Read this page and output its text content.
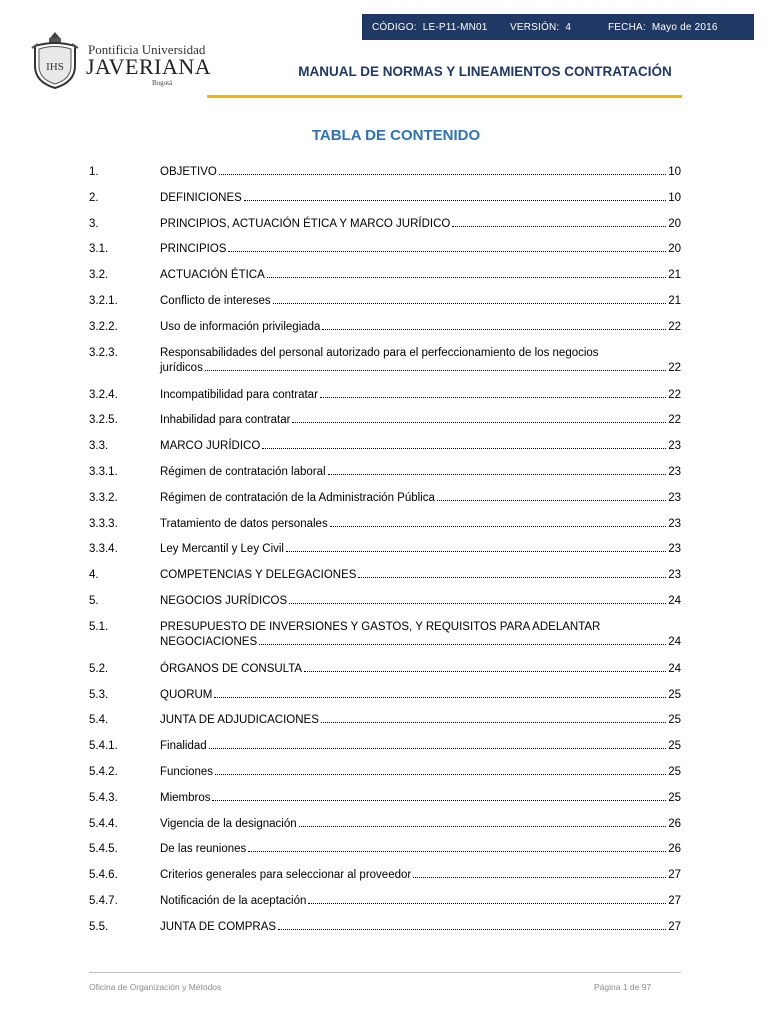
CÓDIGO: LE-P11-MN01 VERSIÓN: 4	FECHA: Mayo de 2016
IHS
Pontificia Universidad
JAVERIANA
Bogotá
MANUAL DE NORMAS Y LINEAMIENTOS CONTRATACIÓN
TABLA DE CONTENIDO
1.	OBJETIVO	10
2.	DEFINICIONES	10
3.	PRINCIPIOS, ACTUACIÓN ÉTICA Y MARCO JURÍDICO	20
3.1.	PRINCIPIOS	20
3.2.	ACTUACIÓN ÉTICA	21
3.2.1.	Conflicto de intereses	21
3.2.2.	Uso de información privilegiada	22
3.2.3.	Responsabilidades del personal autorizado para el perfeccionamiento de los negocios
jurídicos	22
3.2.4.	Incompatibilidad para contratar	22
3.2.5.	Inhabilidad para contratar	22
3.3.	MARCO JURÍDICO	23
3.3.1.	Régimen de contratación laboral	23
3.3.2.	Régimen de contratación de la Administración Pública	23
3.3.3.	Tratamiento de datos personales	23
3.3.4.	Ley Mercantil y Ley Civil	23
4.	COMPETENCIAS Y DELEGACIONES	23
5.	NEGOCIOS JURÍDICOS	24
5.1.	PRESUPUESTO DE INVERSIONES Y GASTOS, Y REQUISITOS PARA ADELANTAR
NEGOCIACIONES	24
5.2.	ÓRGANOS DE CONSULTA	24
5.3.	QUORUM	25
5.4.	JUNTA DE ADJUDICACIONES	25
5.4.1.	Finalidad	25
5.4.2.	Funciones	25
5.4.3.	Miembros	25
5.4.4.	Vigencia de la designación	26
5.4.5.	De las reuniones	26
5.4.6.	Criterios generales para seleccionar al proveedor	27
5.4.7.	Notificación de la aceptación	27
5.5.	JUNTA DE COMPRAS	27
Oficina de Organización y Métodos	Página 1 de 97
